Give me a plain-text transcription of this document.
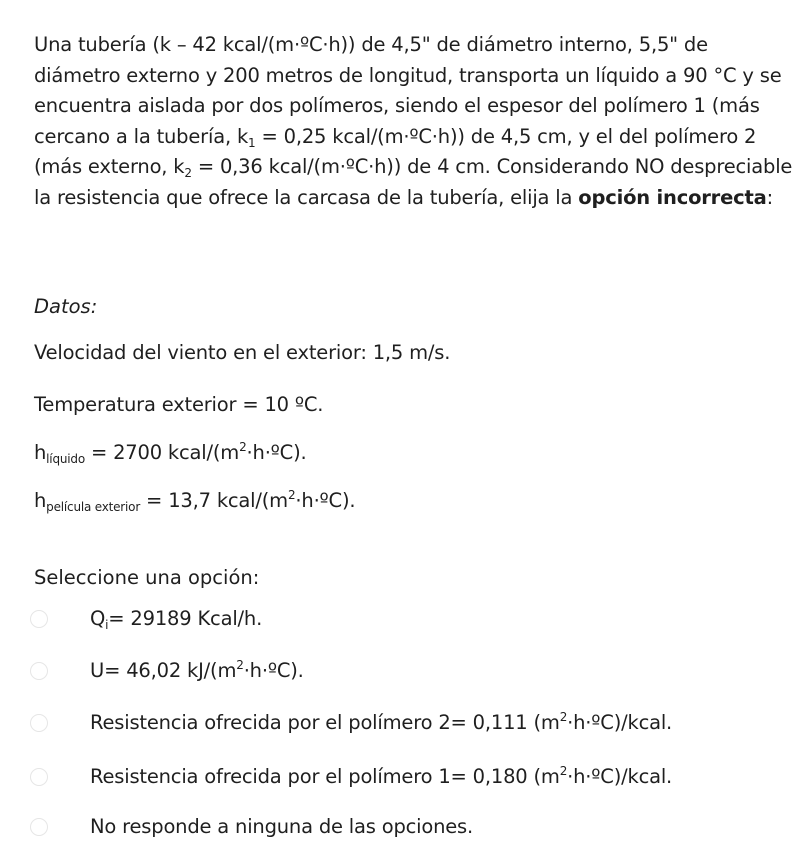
Una tubería (k – 42 kcal/(m·ºC·h)) de 4,5" de diámetro interno, 5,5" de diámetro externo y 200 metros de longitud, transporta un líquido a 90 °C y se encuentra aislada por dos polímeros, siendo el espesor del polímero 1 (más cercano a la tubería, $k_1 = 0,25$ kcal/(m·ºC·h)) de 4,5 cm, y el del polímero 2 (más externo, $k_2 = 0,36$ kcal/(m·ºC·h)) de 4 cm. Considerando NO despreciable la resistencia que ofrece la carcasa de la tubería, elija la opción incorrecta:
Datos:
Velocidad del viento en el exterior: 1,5 m/s.
Temperatura exterior = 10 ºC.
$h_{líquido} = 2700$ kcal/$(m^2\cdot h\cdot ºC)$.
$h_{película exterior} = 13,7$ kcal/$(m^2\cdot h\cdot ºC)$.
Seleccione una opción:
$Q_i= 29189$ Kcal/h.
U= 46,02 $kJ/(m^2\cdot h\cdot ºC)$.
Resistencia ofrecida por el polímero 2= 0,111 $(m^2\cdot h\cdot ºC)$/kcal.
Resistencia ofrecida por el polímero 1= 0,180 $(m^2\cdot h\cdot ºC)$/kcal.
No responde a ninguna de las opciones.
